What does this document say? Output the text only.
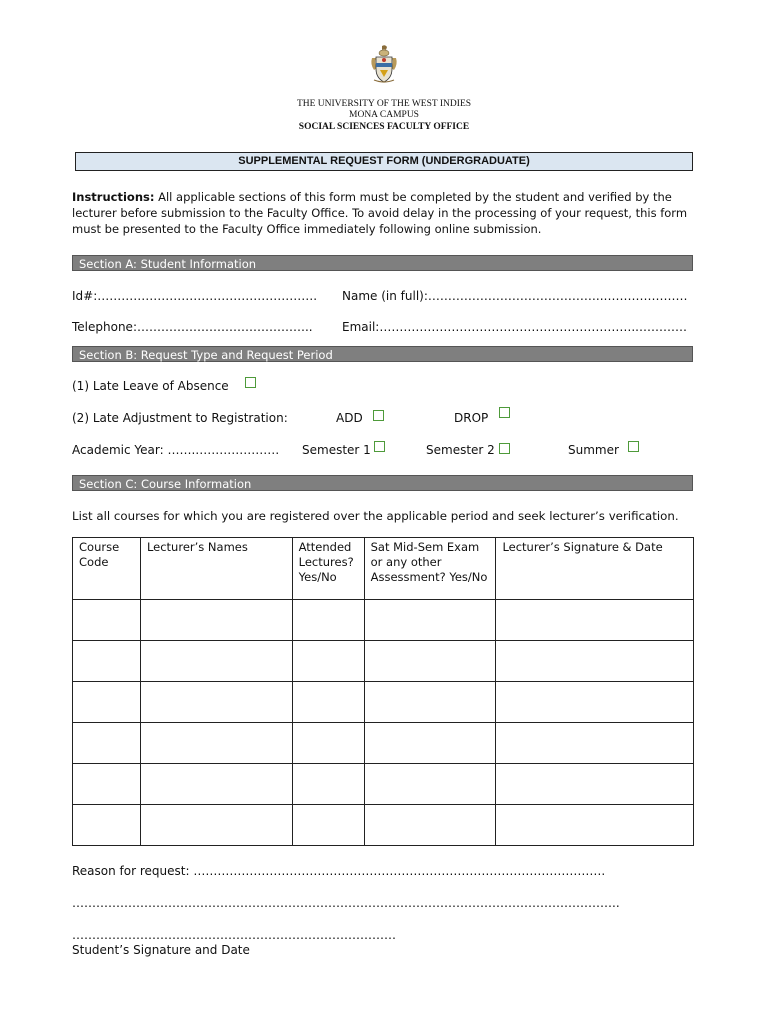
THE UNIVERSITY OF THE WEST INDIES
MONA CAMPUS
SOCIAL SCIENCES FACULTY OFFICE
SUPPLEMENTAL REQUEST FORM (UNDERGRADUATE)
Instructions: All applicable sections of this form must be completed by the student and verified by the lecturer before submission to the Faculty Office. To avoid delay in the processing of your request, this form must be presented to the Faculty Office immediately following online submission.
Section A: Student Information
Id#:………………………………………………. Name (in full):……………………………………..…………………
Telephone:…………………………………….. Email:………………………………………………………..…………
Section B: Request Type and Request Period
(1) Late Leave of Absence
(2) Late Adjustment to Registration:	ADD	DROP
Academic Year: …….………………… Semester 1	Semester 2	Summer
Section C: Course Information
List all courses for which you are registered over the applicable period and seek lecturer’s verification.
Course Code	Lecturer’s Names	Attended Lectures? Yes/No	Sat Mid-Sem Exam or any other Assessment? Yes/No	Lecturer’s Signature & Date

Reason for request: ………………………………………………………………………………………….
………………………………………………………………………………………………………………………..
………………………………………………………………………
Student’s Signature and Date
